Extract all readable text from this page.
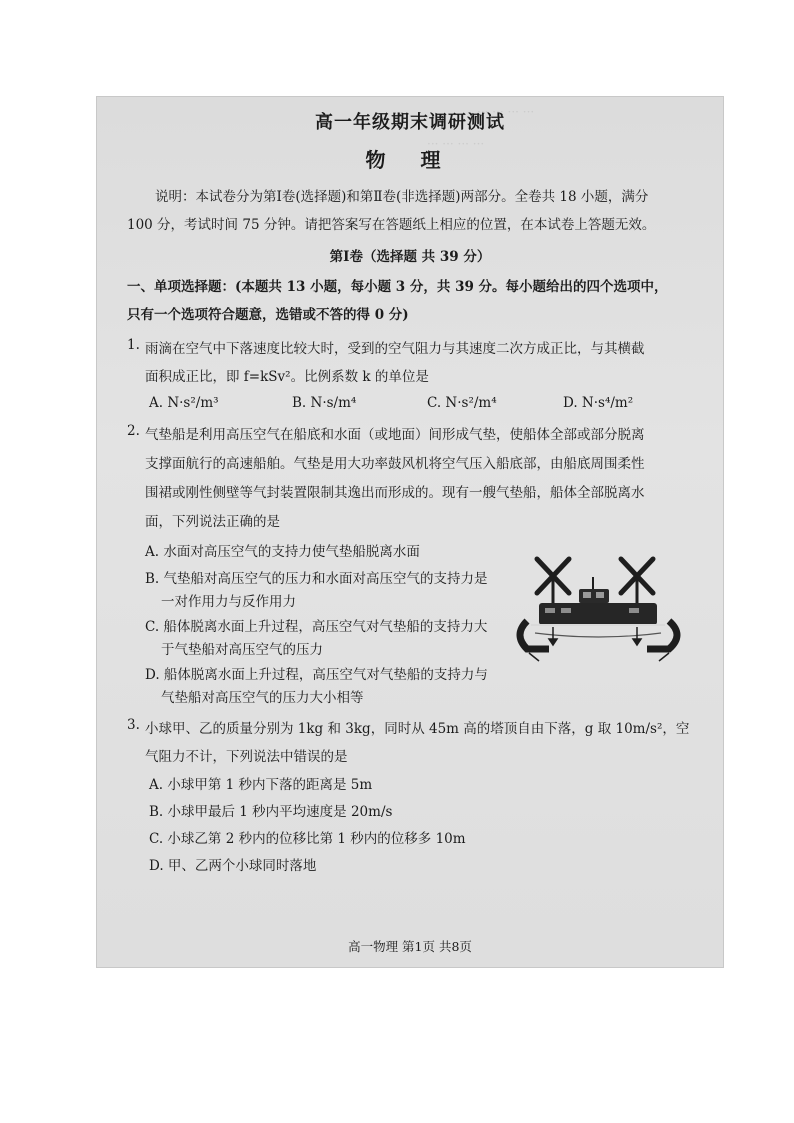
··· ··· ··· ···
··· ··· ··· ···
高一年级期末调研测试
物 理
说明：本试卷分为第Ⅰ卷(选择题)和第Ⅱ卷(非选择题)两部分。全卷共 18 小题，满分
100 分，考试时间 75 分钟。请把答案写在答题纸上相应的位置，在本试卷上答题无效。
第Ⅰ卷（选择题 共 39 分）
一、单项选择题：(本题共 13 小题，每小题 3 分，共 39 分。每小题给出的四个选项中，
只有一个选项符合题意，选错或不答的得 0 分)
1. 雨滴在空气中下落速度比较大时，受到的空气阻力与其速度二次方成正比，与其横截
面积成正比，即 f=kSv²。比例系数 k 的单位是
A. N·s²/m³	B. N·s/m⁴	C. N·s²/m⁴	D. N·s⁴/m²
2. 气垫船是利用高压空气在船底和水面（或地面）间形成气垫，使船体全部或部分脱离
支撑面航行的高速船舶。气垫是用大功率鼓风机将空气压入船底部，由船底周围柔性
围裙或刚性侧壁等气封装置限制其逸出而形成的。现有一艘气垫船，船体全部脱离水
面，下列说法正确的是
A. 水面对高压空气的支持力使气垫船脱离水面
B. 气垫船对高压空气的压力和水面对高压空气的支持力是
一对作用力与反作用力
C. 船体脱离水面上升过程，高压空气对气垫船的支持力大
于气垫船对高压空气的压力
D. 船体脱离水面上升过程，高压空气对气垫船的支持力与
气垫船对高压空气的压力大小相等
3. 小球甲、乙的质量分别为 1kg 和 3kg，同时从 45m 高的塔顶自由下落，g 取 10m/s²，空
气阻力不计，下列说法中错误的是
A. 小球甲第 1 秒内下落的距离是 5m
B. 小球甲最后 1 秒内平均速度是 20m/s
C. 小球乙第 2 秒内的位移比第 1 秒内的位移多 10m
D. 甲、乙两个小球同时落地
高一物理 第1页 共8页
